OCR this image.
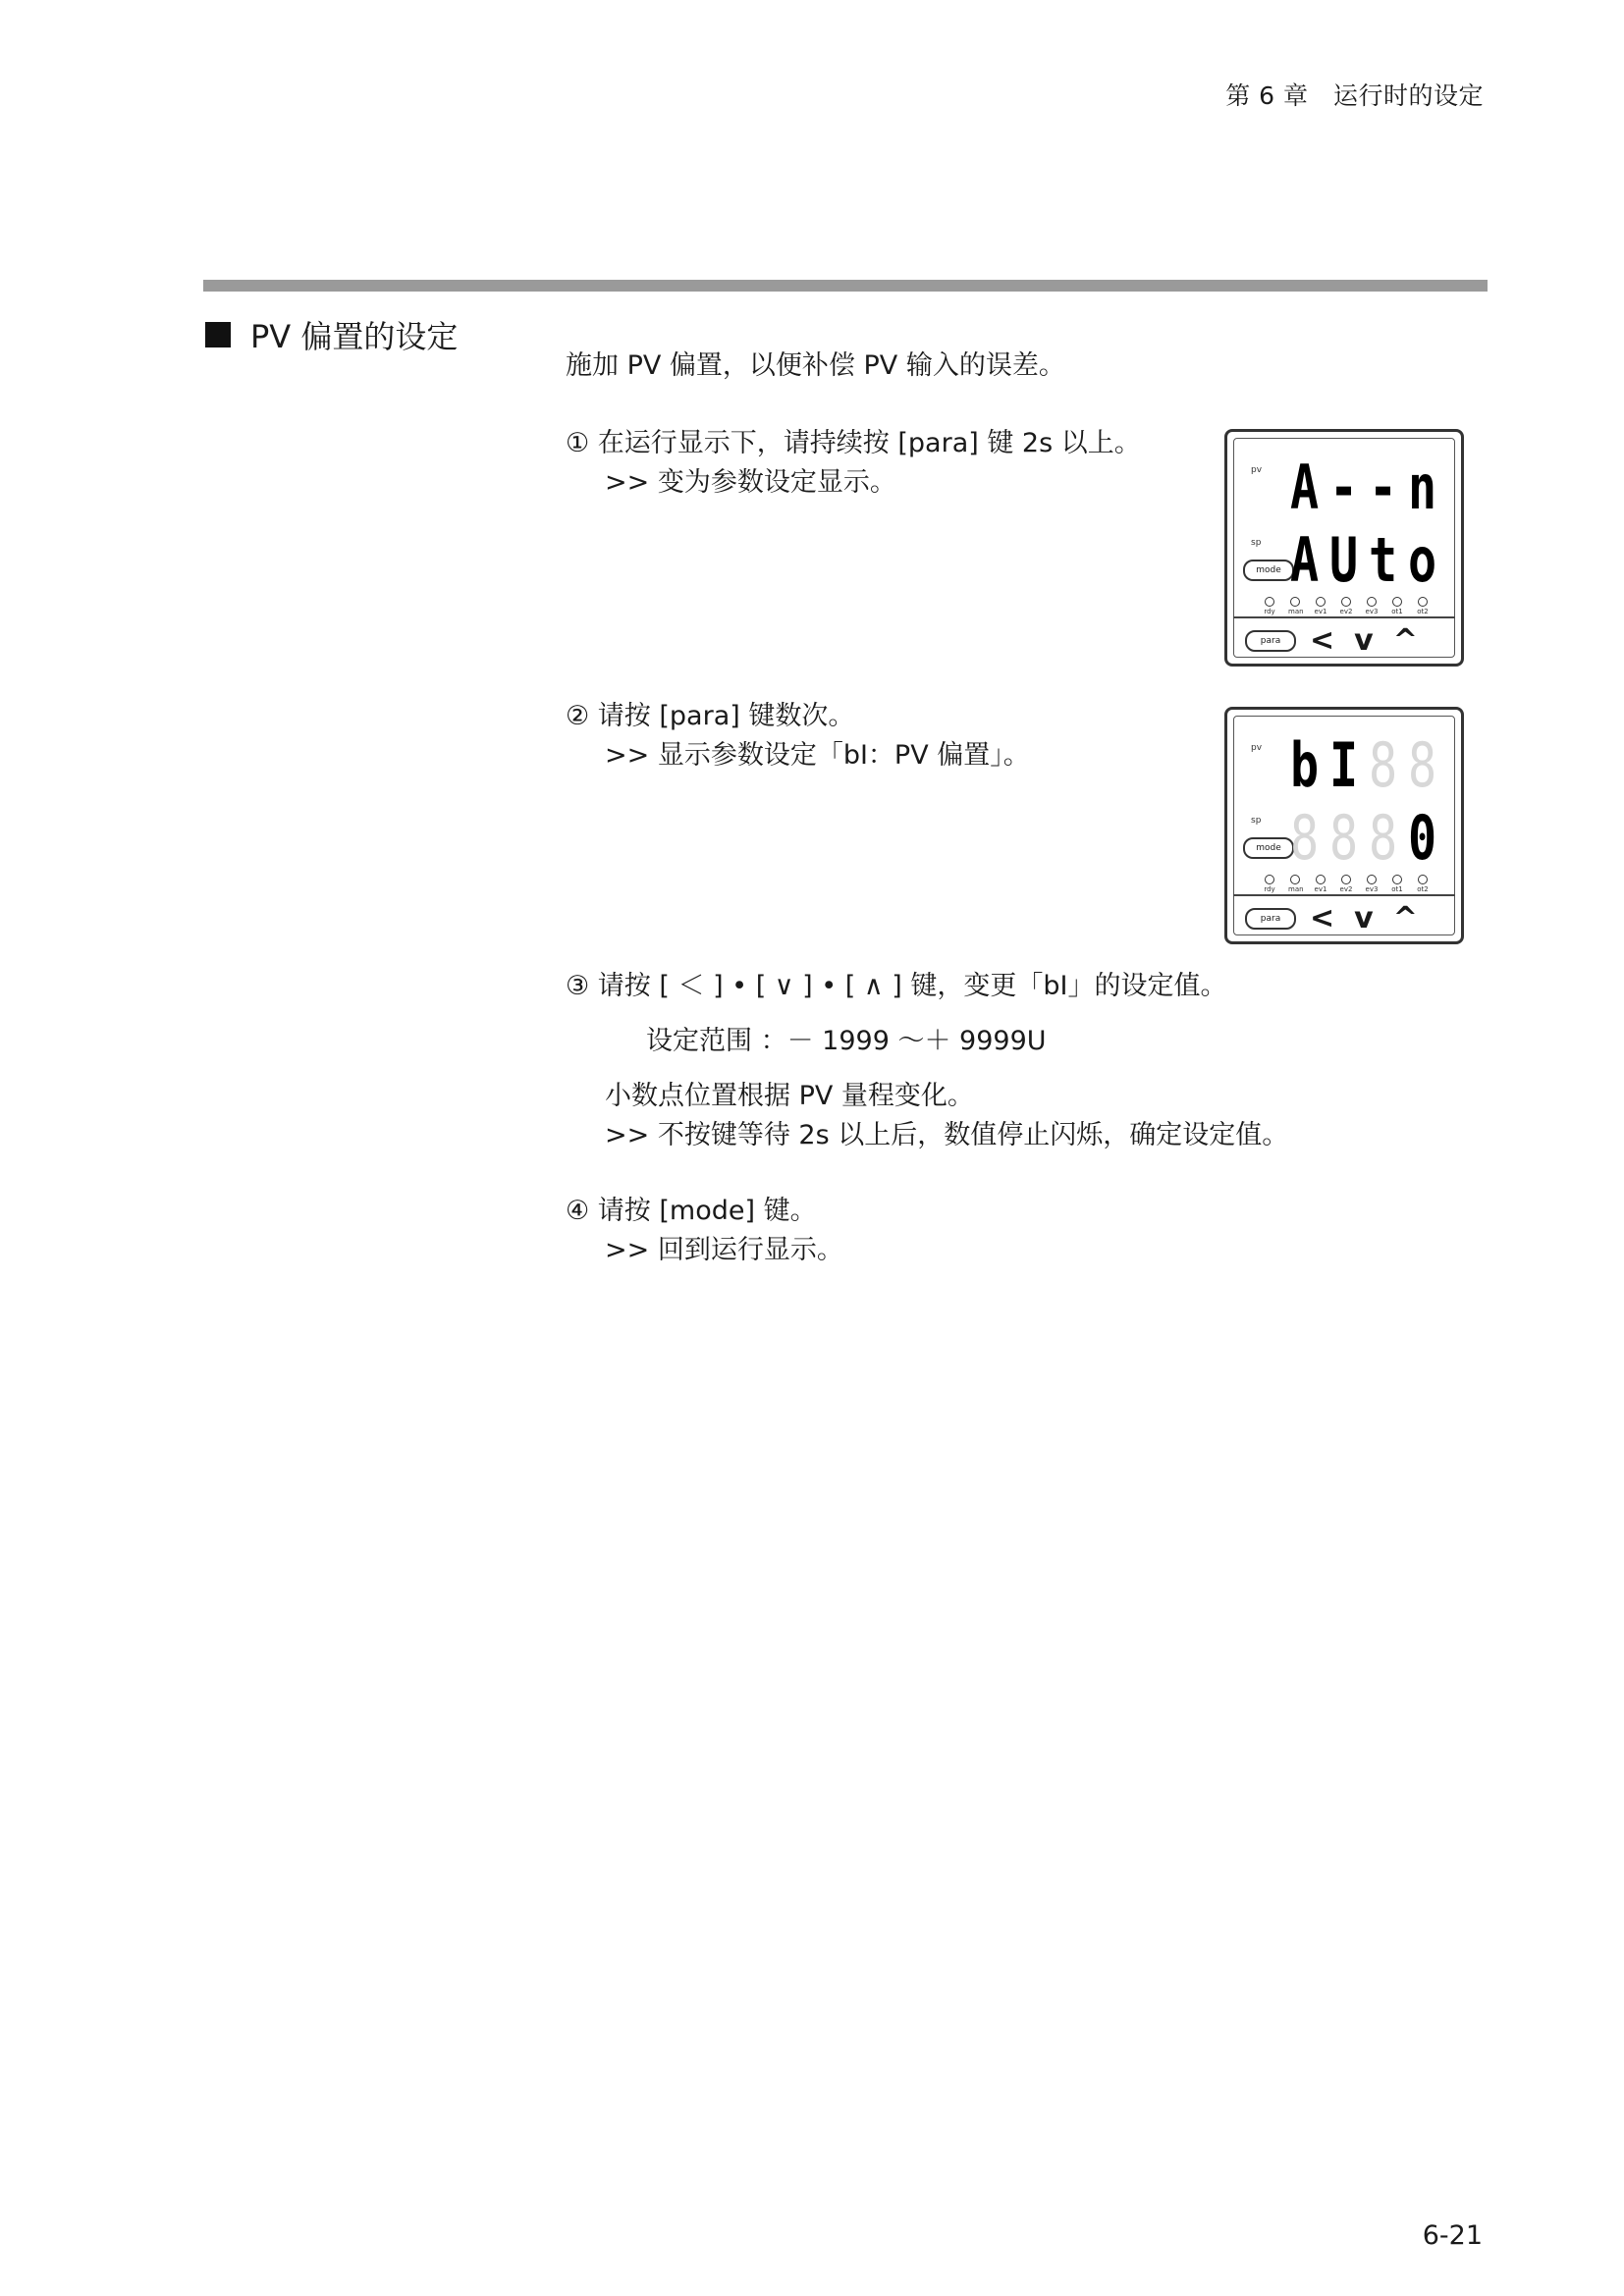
第 6 章　运行时的设定
PV 偏置的设定
施加 PV 偏置，以便补偿 PV 输入的误差。
① 在运行显示下，请持续按 [para] 键 2s 以上。
>> 变为参数设定显示。
② 请按 [para] 键数次。
>> 显示参数设定「bI：PV 偏置」。
③ 请按 [ ＜ ] • [ ∨ ] • [ ∧ ] 键，变更「bI」的设定值。
设定范围 ：－ 1999 ～＋ 9999U
小数点位置根据 PV 量程变化。
>> 不按键等待 2s 以上后，数值停止闪烁，确定设定值。
④ 请按 [mode] 键。
>> 回到运行显示。
pv A - - n
sp
mode A U t o
rdy man ev1 ev2 ev3 ot1 ot2
para < v ^
pv b I 8 8
sp
mode 8 8 8 0
rdy man ev1 ev2 ev3 ot1 ot2
para < v ^
6-21
